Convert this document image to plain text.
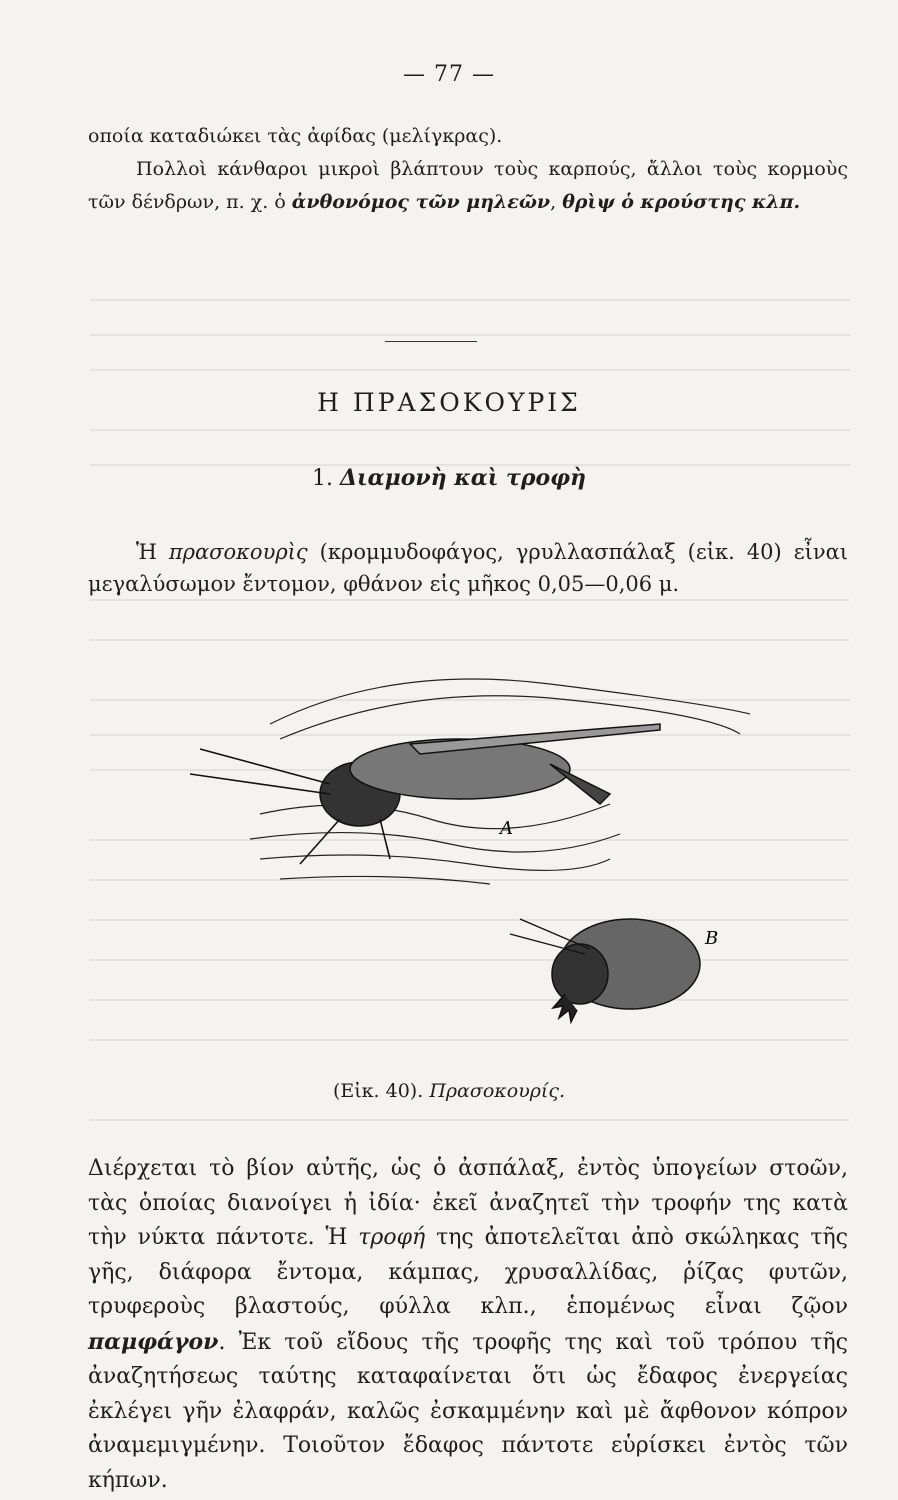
— 77 —

οποία καταδιώκει τὰς ἀφίδας (μελίγκρας).

Πολλοὶ κάνθαροι μικροὶ βλάπτουν τοὺς καρπούς, ἄλλοι τοὺς κορμοὺς τῶν δένδρων, π. χ. ὁ ἀνθονόμος τῶν μηλεῶν, θρὶψ ὁ κρούστης κλπ.

Η ΠΡΑΣΟΚΟΥΡΙΣ
1. Διαμονὴ καὶ τροφὴ

Ἡ πρασοκουρὶς (κρομμυδοφάγος, γρυλλασπάλαξ (εἰκ. 40) εἶναι μεγαλύσωμον ἔντομον, φθάνον εἰς μῆκος 0,05—0,06 μ.

A
B
(Εἰκ. 40). Πρασοκουρίς.

Διέρχεται τὸ βίον αὐτῆς, ὡς ὁ ἀσπάλαξ, ἐντὸς ὑπογείων στοῶν, τὰς ὁποίας διανοίγει ἡ ἰδία· ἐκεῖ ἀναζητεῖ τὴν τροφήν της κατὰ τὴν νύκτα πάντοτε. Ἡ τροφή της ἀποτελεῖται ἀπὸ σκώληκας τῆς γῆς, διάφορα ἔντομα, κάμπας, χρυσαλλίδας, ῥίζας φυτῶν, τρυφεροὺς βλαστούς, φύλλα κλπ., ἑπομένως εἶναι ζῷον παμφάγον. Ἐκ τοῦ εἴδους τῆς τροφῆς της καὶ τοῦ τρόπου τῆς ἀναζητήσεως ταύτης καταφαίνεται ὅτι ὡς ἔδαφος ἐνεργείας ἐκλέγει γῆν ἐλαφράν, καλῶς ἐσκαμμένην καὶ μὲ ἄφθονον κόπρον ἀναμεμιγμένην. Τοιοῦτον ἔδαφος πάντοτε εὑρίσκει ἐντὸς τῶν κήπων.
